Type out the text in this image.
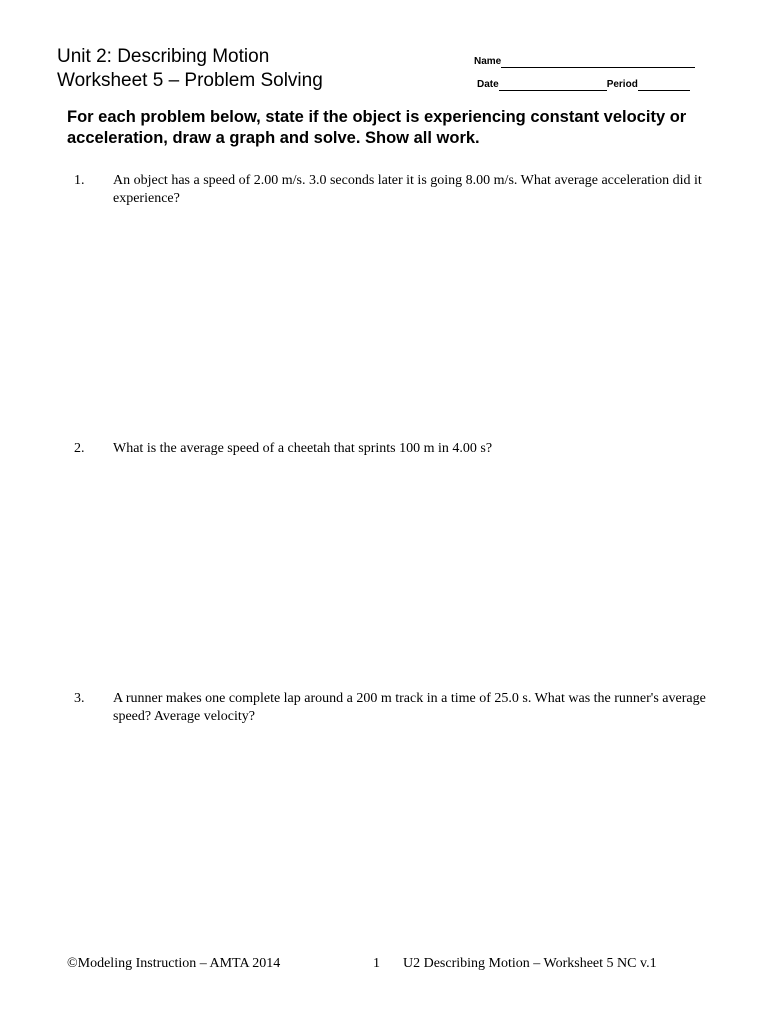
Unit 2: Describing Motion
Worksheet 5 – Problem Solving
Name
Date	Period
For each problem below, state if the object is experiencing constant velocity or acceleration, draw a graph and solve. Show all work.
1.	An object has a speed of 2.00 m/s. 3.0 seconds later it is going 8.00 m/s. What average acceleration did it experience?
2.	What is the average speed of a cheetah that sprints 100 m in 4.00 s?
3.	A runner makes one complete lap around a 200 m track in a time of 25.0 s. What was the runner's average speed? Average velocity?
©Modeling Instruction – AMTA 2014	1 U2 Describing Motion – Worksheet 5 NC v.1
